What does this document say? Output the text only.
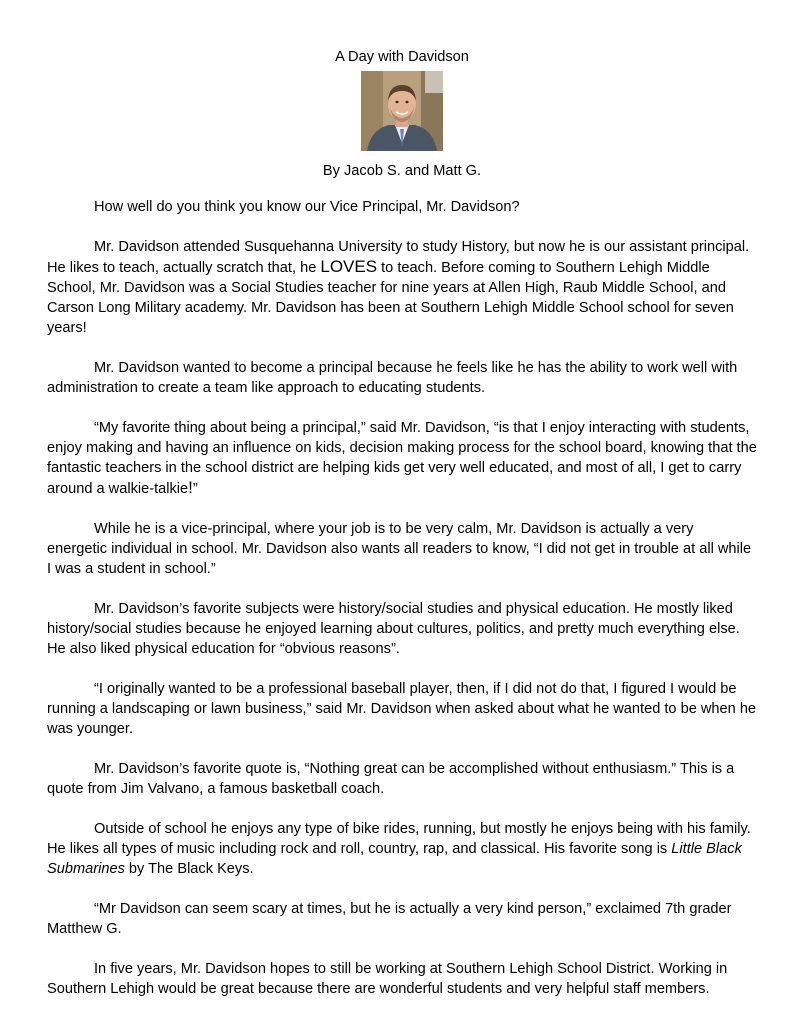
A Day with Davidson
By Jacob S. and Matt G.

How well do you think you know our Vice Principal, Mr. Davidson?

Mr. Davidson attended Susquehanna University to study History, but now he is our assistant principal. He likes to teach, actually scratch that, he LOVES to teach. Before coming to Southern Lehigh Middle School, Mr. Davidson was a Social Studies teacher for nine years at Allen High, Raub Middle School, and Carson Long Military academy. Mr. Davidson has been at Southern Lehigh Middle School school for seven years!

Mr. Davidson wanted to become a principal because he feels like he has the ability to work well with administration to create a team like approach to educating students.

“My favorite thing about being a principal,” said Mr. Davidson, “is that I enjoy interacting with students, enjoy making and having an influence on kids, decision making process for the school board, knowing that the fantastic teachers in the school district are helping kids get very well educated, and most of all, I get to carry around a walkie-talkie!”

While he is a vice-principal, where your job is to be very calm, Mr. Davidson is actually a very energetic individual in school. Mr. Davidson also wants all readers to know, “I did not get in trouble at all while I was a student in school.”

Mr. Davidson’s favorite subjects were history/social studies and physical education. He mostly liked history/social studies because he enjoyed learning about cultures, politics, and pretty much everything else. He also liked physical education for “obvious reasons”.

“I originally wanted to be a professional baseball player, then, if I did not do that, I figured I would be running a landscaping or lawn business,” said Mr. Davidson when asked about what he wanted to be when he was younger.

Mr. Davidson’s favorite quote is, “Nothing great can be accomplished without enthusiasm.” This is a quote from Jim Valvano, a famous basketball coach.

Outside of school he enjoys any type of bike rides, running, but mostly he enjoys being with his family. He likes all types of music including rock and roll, country, rap, and classical. His favorite song is Little Black Submarines by The Black Keys.

“Mr Davidson can seem scary at times, but he is actually a very kind person,” exclaimed 7th grader Matthew G.

In five years, Mr. Davidson hopes to still be working at Southern Lehigh School District. Working in Southern Lehigh would be great because there are wonderful students and very helpful staff members.
